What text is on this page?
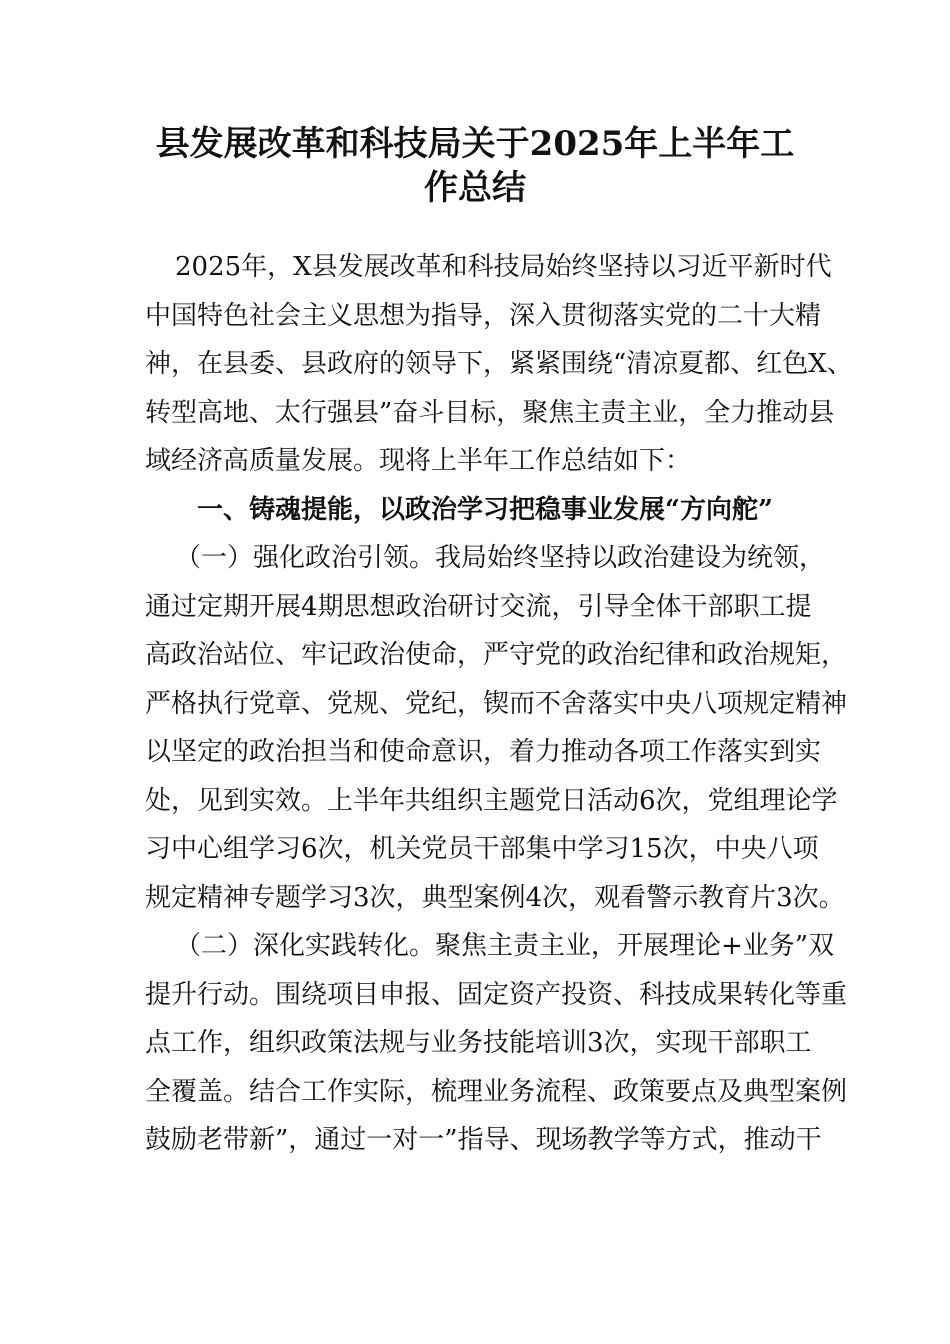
县发展改革和科技局关于2025年上半年工
作总结
2025年，X县发展改革和科技局始终坚持以习近平新时代
中国特色社会主义思想为指导，深入贯彻落实党的二十大精
神，在县委、县政府的领导下，紧紧围绕“清凉夏都、红色X、
转型高地、太行强县”奋斗目标，聚焦主责主业，全力推动县
域经济高质量发展。现将上半年工作总结如下：
一、铸魂提能，以政治学习把稳事业发展“方向舵”
（一）强化政治引领。我局始终坚持以政治建设为统领，
通过定期开展4期思想政治研讨交流，引导全体干部职工提
高政治站位、牢记政治使命，严守党的政治纪律和政治规矩，
严格执行党章、党规、党纪，锲而不舍落实中央八项规定精神
以坚定的政治担当和使命意识，着力推动各项工作落实到实
处，见到实效。上半年共组织主题党日活动6次，党组理论学
习中心组学习6次，机关党员干部集中学习15次，中央八项
规定精神专题学习3次，典型案例4次，观看警示教育片3次。
（二）深化实践转化。聚焦主责主业，开展理论+业务”双
提升行动。围绕项目申报、固定资产投资、科技成果转化等重
点工作，组织政策法规与业务技能培训3次，实现干部职工
全覆盖。结合工作实际，梳理业务流程、政策要点及典型案例
鼓励老带新”，通过一对一”指导、现场教学等方式，推动干
